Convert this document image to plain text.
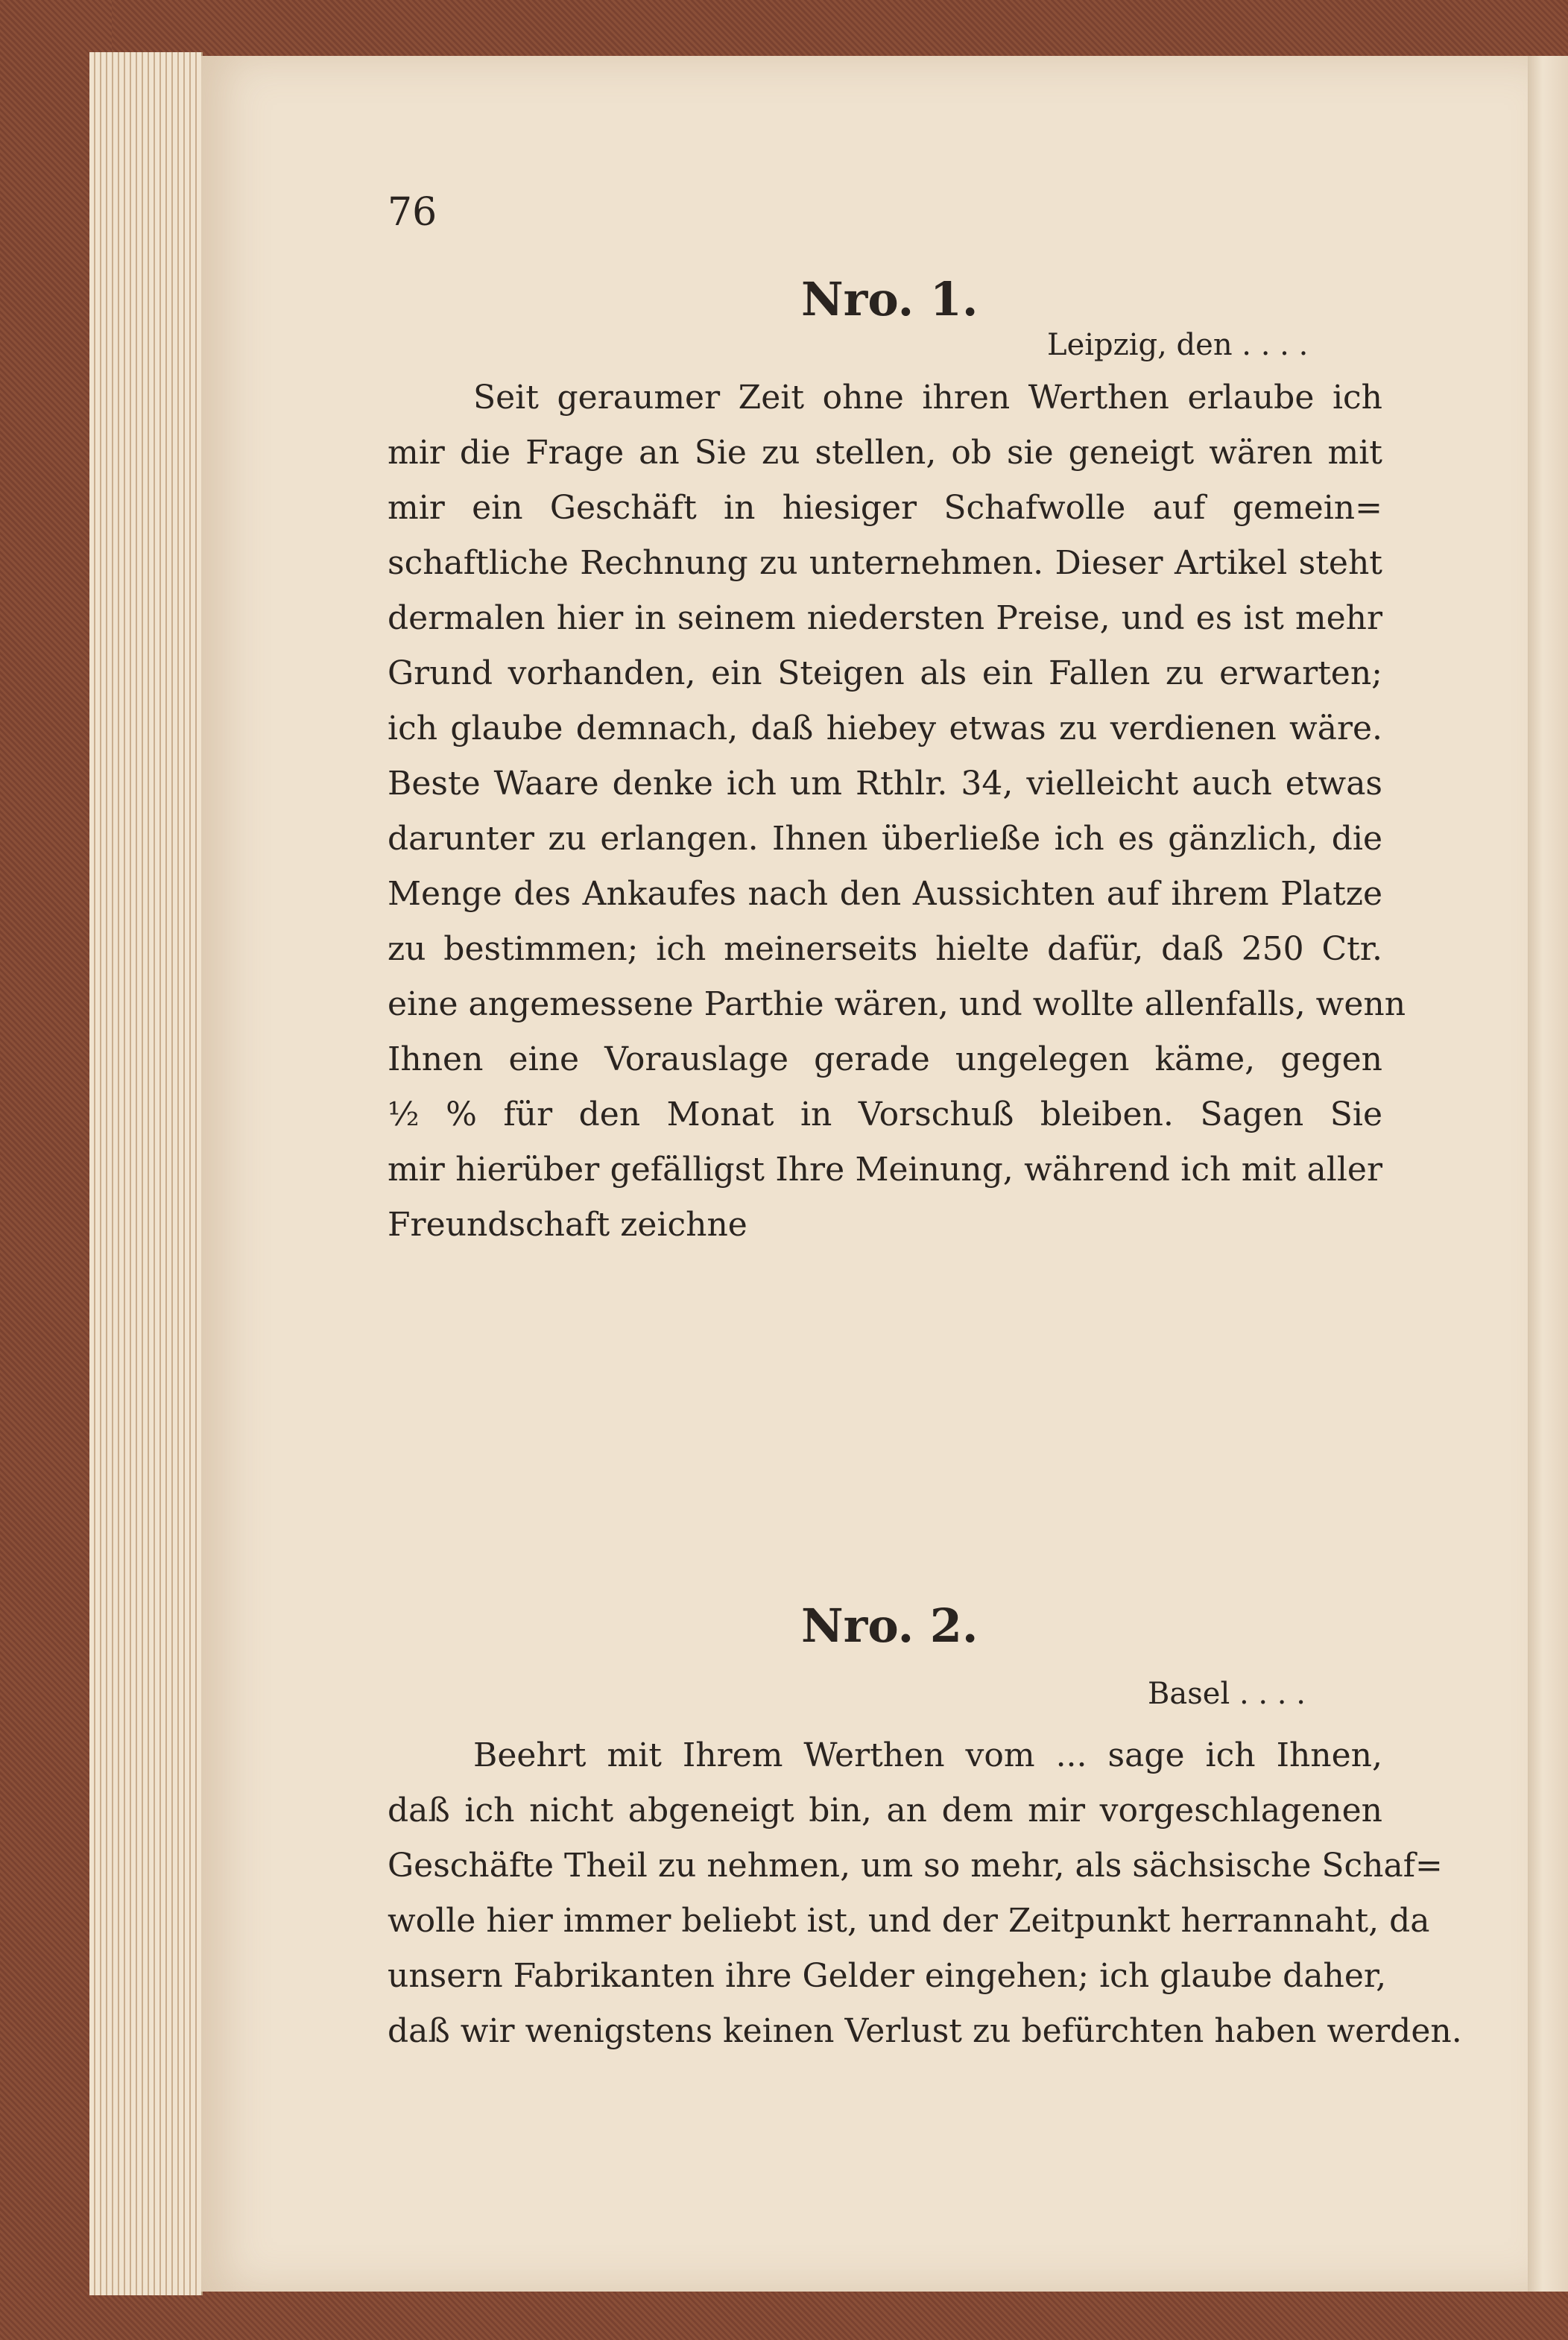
76
Nro. 1.
Leipzig, den . . . .
Seit geraumer Zeit ohne ihren Werthen erlaube ich
mir die Frage an Sie zu stellen, ob sie geneigt wären mit
mir ein Geschäft in hiesiger Schafwolle auf gemein=
schaftliche Rechnung zu unternehmen. Dieser Artikel steht
dermalen hier in seinem niedersten Preise, und es ist mehr
Grund vorhanden, ein Steigen als ein Fallen zu erwarten;
ich glaube demnach, daß hiebey etwas zu verdienen wäre.
Beste Waare denke ich um Rthlr. 34, vielleicht auch etwas
darunter zu erlangen. Ihnen überließe ich es gänzlich, die
Menge des Ankaufes nach den Aussichten auf ihrem Platze
zu bestimmen; ich meinerseits hielte dafür, daß 250 Ctr.
eine angemessene Parthie wären, und wollte allenfalls, wenn
Ihnen eine Vorauslage gerade ungelegen käme, gegen
½ % für den Monat in Vorschuß bleiben. Sagen Sie
mir hierüber gefälligst Ihre Meinung, während ich mit aller
Freundschaft zeichne
Nro. 2.
Basel . . . .
Beehrt mit Ihrem Werthen vom ... sage ich Ihnen,
daß ich nicht abgeneigt bin, an dem mir vorgeschlagenen
Geschäfte Theil zu nehmen, um so mehr, als sächsische Schaf=
wolle hier immer beliebt ist, und der Zeitpunkt herrannaht, da
unsern Fabrikanten ihre Gelder eingehen; ich glaube daher,
daß wir wenigstens keinen Verlust zu befürchten haben werden.
